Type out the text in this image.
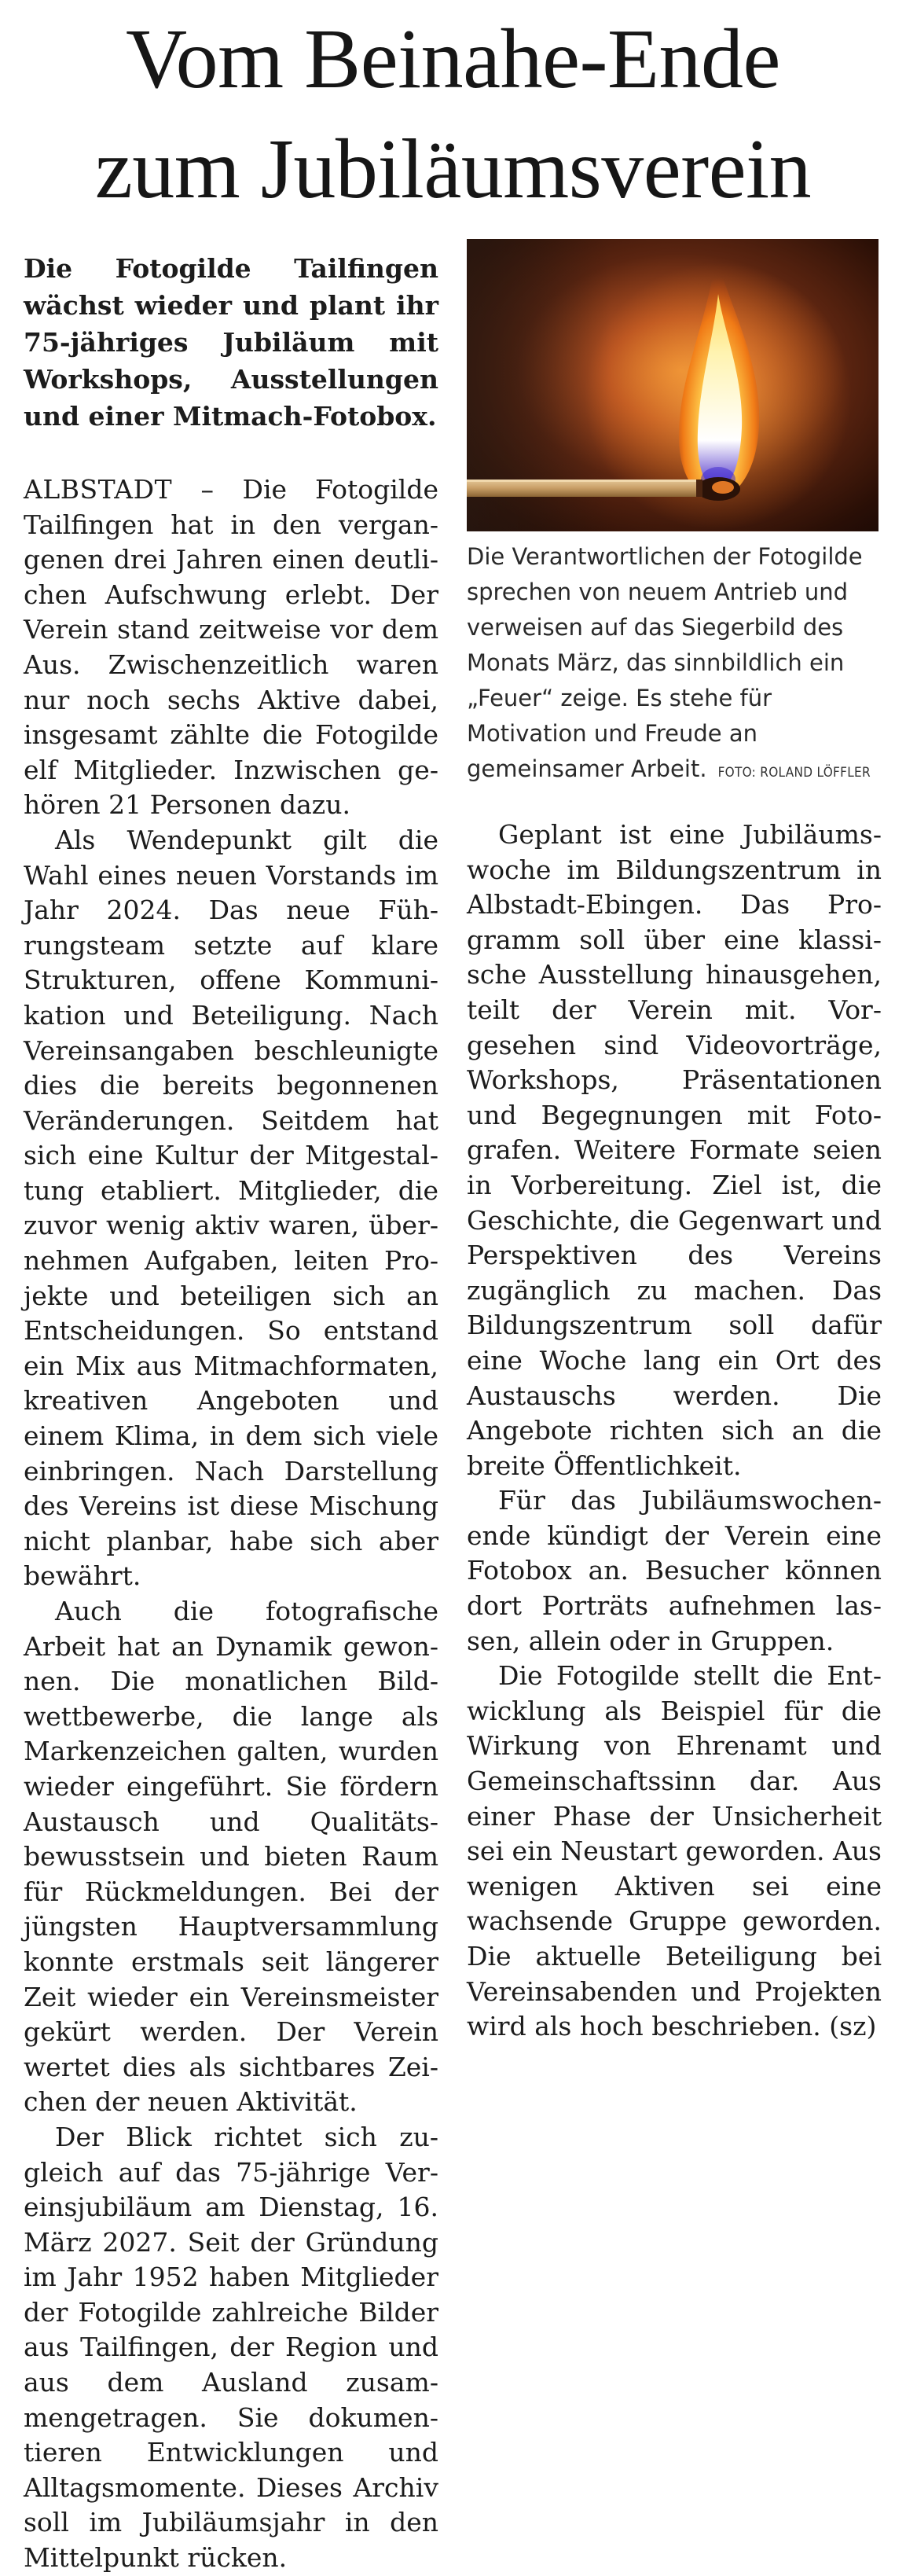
Vom Beinahe-Ende
zum Jubiläumsverein

Die Fotogilde Tailfingen wächst wieder und plant ihr 75-jähriges Jubiläum mit Workshops, Ausstellungen und einer Mitmach-Fotobox.

ALBSTADT – Die Fotogilde Tailfingen hat in den vergangenen drei Jahren einen deutlichen Aufschwung erlebt. Der Verein stand zeitweise vor dem Aus. Zwischenzeitlich waren nur noch sechs Aktive dabei, insgesamt zählte die Fotogilde elf Mitglieder. Inzwischen gehören 21 Personen dazu.

Als Wendepunkt gilt die Wahl eines neuen Vorstands im Jahr 2024. Das neue Führungsteam setzte auf klare Strukturen, offene Kommunikation und Beteiligung. Nach Vereinsangaben beschleunigte dies die bereits begonnenen Veränderungen. Seitdem hat sich eine Kultur der Mitgestaltung etabliert. Mitglieder, die zuvor wenig aktiv waren, übernehmen Aufgaben, leiten Projekte und beteiligen sich an Entscheidungen. So entstand ein Mix aus Mitmachformaten, kreativen Angeboten und einem Klima, in dem sich viele einbringen. Nach Darstellung des Vereins ist diese Mischung nicht planbar, habe sich aber bewährt.

Auch die fotografische Arbeit hat an Dynamik gewonnen. Die monatlichen Bildwettbewerbe, die lange als Markenzeichen galten, wurden wieder eingeführt. Sie fördern Austausch und Qualitätsbewusstsein und bieten Raum für Rückmeldungen. Bei der jüngsten Hauptversammlung konnte erstmals seit längerer Zeit wieder ein Vereinsmeister gekürt werden. Der Verein wertet dies als sichtbares Zeichen der neuen Aktivität.

Der Blick richtet sich zugleich auf das 75-jährige Vereinsjubiläum am Dienstag, 16. März 2027. Seit der Gründung im Jahr 1952 haben Mitglieder der Fotogilde zahlreiche Bilder aus Tailfingen, der Region und aus dem Ausland zusammengetragen. Sie dokumentieren Entwicklungen und Alltagsmomente. Dieses Archiv soll im Jubiläumsjahr in den Mittelpunkt rücken.

Die Verantwortlichen der Fotogilde sprechen von neuem Antrieb und verweisen auf das Siegerbild des Monats März, das sinnbildlich ein „Feuer“ zeige. Es stehe für Motivation und Freude an gemeinsamer Arbeit. FOTO: ROLAND LÖFFLER

Geplant ist eine Jubiläumswoche im Bildungszentrum in Albstadt-Ebingen. Das Programm soll über eine klassische Ausstellung hinausgehen, teilt der Verein mit. Vorgesehen sind Videovorträge, Workshops, Präsentationen und Begegnungen mit Fotografen. Weitere Formate seien in Vorbereitung. Ziel ist, die Geschichte, die Gegenwart und Perspektiven des Vereins zugänglich zu machen. Das Bildungszentrum soll dafür eine Woche lang ein Ort des Austauschs werden. Die Angebote richten sich an die breite Öffentlichkeit.

Für das Jubiläumswochenende kündigt der Verein eine Fotobox an. Besucher können dort Porträts aufnehmen lassen, allein oder in Gruppen.

Die Fotogilde stellt die Entwicklung als Beispiel für die Wirkung von Ehrenamt und Gemeinschaftssinn dar. Aus einer Phase der Unsicherheit sei ein Neustart geworden. Aus wenigen Aktiven sei eine wachsende Gruppe geworden. Die aktuelle Beteiligung bei Vereinsabenden und Projekten wird als hoch beschrieben. (sz)
